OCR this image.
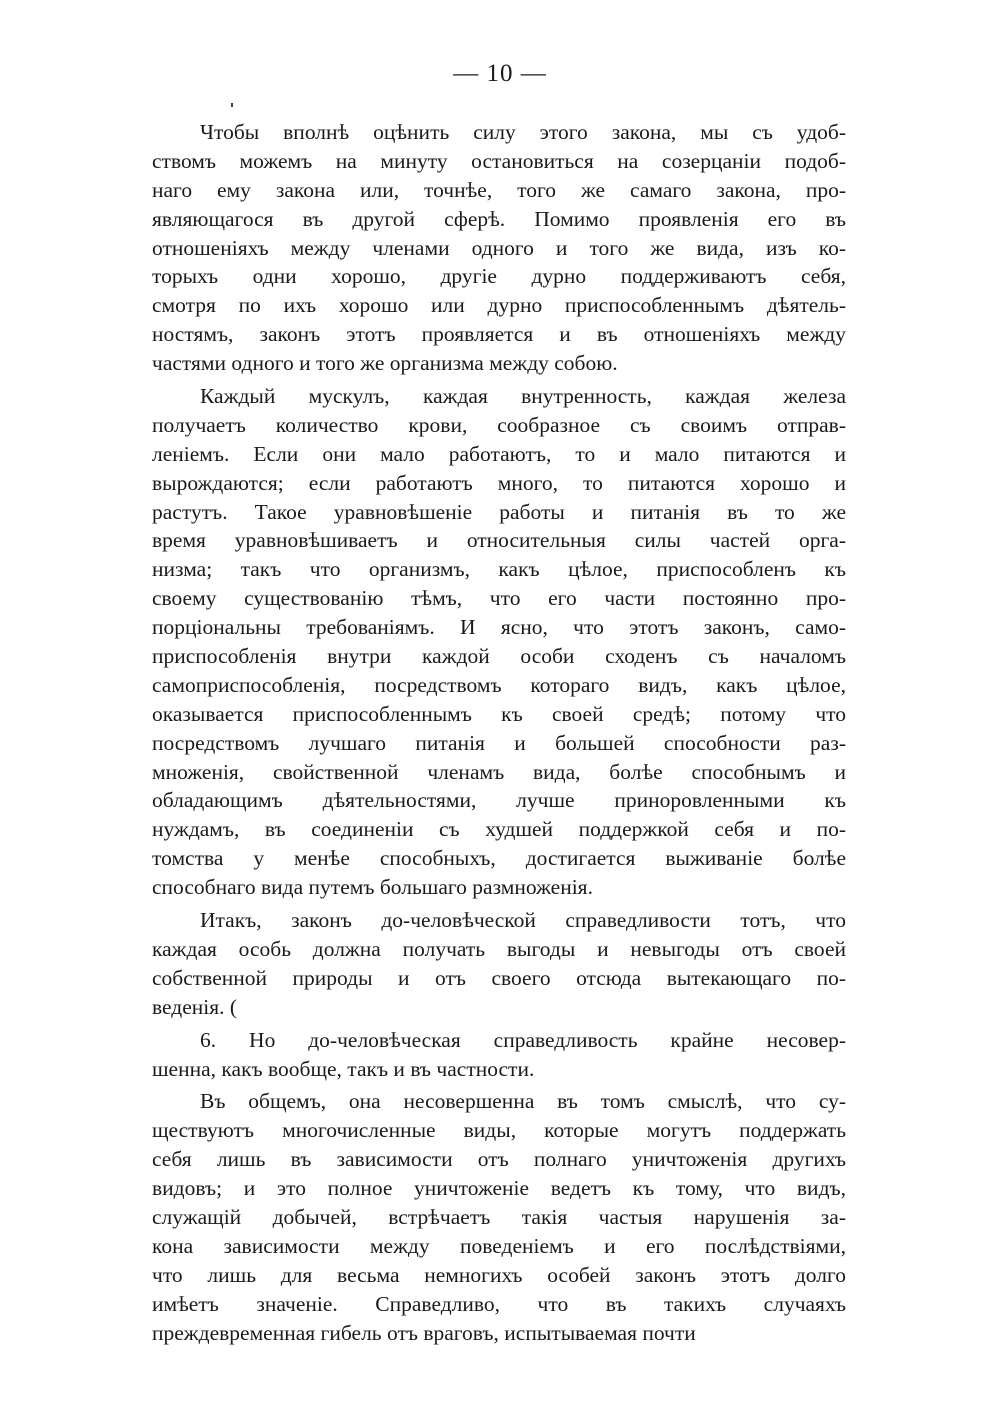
— 10 —
Чтобы вполнѣ оцѣнить силу этого закона, мы съ удоб-
ствомъ можемъ на минуту остановиться на созерцаніи подоб-
наго ему закона или, точнѣе, того же самаго закона, про-
являющагося въ другой сферѣ. Помимо проявленія его въ
отношеніяхъ между членами одного и того же вида, изъ ко-
торыхъ одни хорошо, другіе дурно поддерживаютъ себя,
смотря по ихъ хорошо или дурно приспособленнымъ дѣятель-
ностямъ, законъ этотъ проявляется и въ отношеніяхъ между
частями одного и того же организма между собою.
Каждый мускулъ, каждая внутренность, каждая железа
получаетъ количество крови, сообразное съ своимъ отправ-
леніемъ. Если они мало работаютъ, то и мало питаются и
вырождаются; если работаютъ много, то питаются хорошо и
растутъ. Такое уравновѣшеніе работы и питанія въ то же
время уравновѣшиваетъ и относительныя силы частей орга-
низма; такъ что организмъ, какъ цѣлое, приспособленъ къ
своему существованію тѣмъ, что его части постоянно про-
порціональны требованіямъ. И ясно, что этотъ законъ, само-
приспособленія внутри каждой особи сходенъ съ началомъ
самоприспособленія, посредствомъ котораго видъ, какъ цѣлое,
оказывается приспособленнымъ къ своей средѣ; потому что
посредствомъ лучшаго питанія и большей способности раз-
множенія, свойственной членамъ вида, болѣе способнымъ и
обладающимъ дѣятельностями, лучше приноровленными къ
нуждамъ, въ соединеніи съ худшей поддержкой себя и по-
томства у менѣе способныхъ, достигается выживаніе болѣе
способнаго вида путемъ большаго размноженія.
Итакъ, законъ до-человѣческой справедливости тотъ, что
каждая особь должна получать выгоды и невыгоды отъ своей
собственной природы и отъ своего отсюда вытекающаго по-
веденія. (
6. Но до-человѣческая справедливость крайне несовер-
шенна, какъ вообще, такъ и въ частности.
Въ общемъ, она несовершенна въ томъ смыслѣ, что су-
ществуютъ многочисленные виды, которые могутъ поддержать
себя лишь въ зависимости отъ полнаго уничтоженія другихъ
видовъ; и это полное уничтоженіе ведетъ къ тому, что видъ,
служащій добычей, встрѣчаетъ такія частыя нарушенія за-
кона зависимости между поведеніемъ и его послѣдствіями,
что лишь для весьма немногихъ особей законъ этотъ долго
имѣетъ значеніе. Справедливо, что въ такихъ случаяхъ
преждевременная гибель отъ враговъ, испытываемая почти
